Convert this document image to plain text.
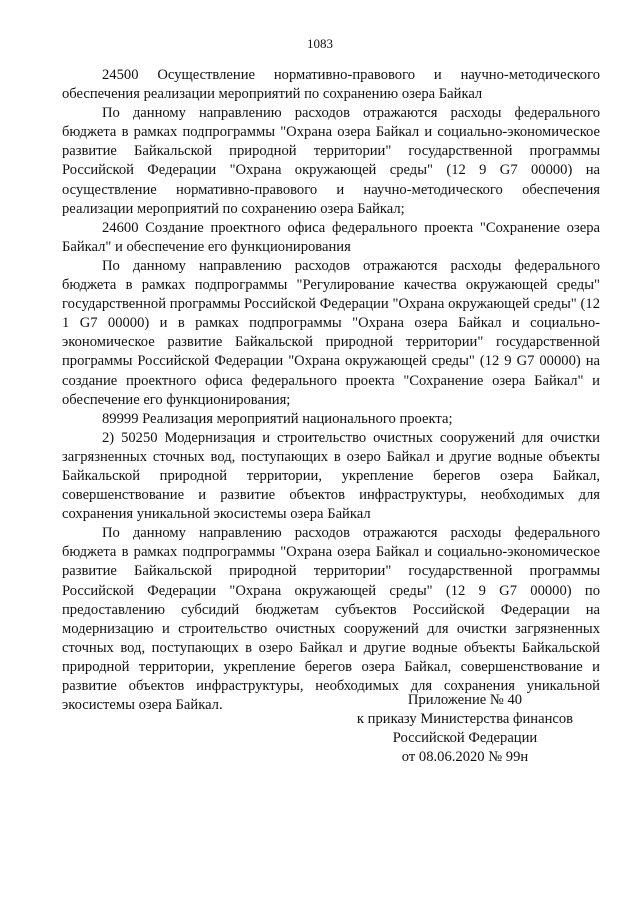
1083

24500 Осуществление нормативно-правового и научно-методического обеспечения реализации мероприятий по сохранению озера Байкал

По данному направлению расходов отражаются расходы федерального бюджета в рамках подпрограммы "Охрана озера Байкал и социально-экономическое развитие Байкальской природной территории" государственной программы Российской Федерации "Охрана окружающей среды" (12 9 G7 00000) на осуществление нормативно-правового и научно-методического обеспечения реализации мероприятий по сохранению озера Байкал;

24600 Создание проектного офиса федерального проекта "Сохранение озера Байкал" и обеспечение его функционирования

По данному направлению расходов отражаются расходы федерального бюджета в рамках подпрограммы "Регулирование качества окружающей среды" государственной программы Российской Федерации "Охрана окружающей среды" (12 1 G7 00000) и в рамках подпрограммы "Охрана озера Байкал и социально-экономическое развитие Байкальской природной территории" государственной программы Российской Федерации "Охрана окружающей среды" (12 9 G7 00000) на создание проектного офиса федерального проекта "Сохранение озера Байкал" и обеспечение его функционирования;

89999 Реализация мероприятий национального проекта;

2) 50250 Модернизация и строительство очистных сооружений для очистки загрязненных сточных вод, поступающих в озеро Байкал и другие водные объекты Байкальской природной территории, укрепление берегов озера Байкал, совершенствование и развитие объектов инфраструктуры, необходимых для сохранения уникальной экосистемы озера Байкал

По данному направлению расходов отражаются расходы федерального бюджета в рамках подпрограммы "Охрана озера Байкал и социально-экономическое развитие Байкальской природной территории" государственной программы Российской Федерации "Охрана окружающей среды" (12 9 G7 00000) по предоставлению субсидий бюджетам субъектов Российской Федерации на модернизацию и строительство очистных сооружений для очистки загрязненных сточных вод, поступающих в озеро Байкал и другие водные объекты Байкальской природной территории, укрепление берегов озера Байкал, совершенствование и развитие объектов инфраструктуры, необходимых для сохранения уникальной экосистемы озера Байкал.	Приложение № 40
к приказу Министерства финансов
Российской Федерации
от 08.06.2020 № 99н
